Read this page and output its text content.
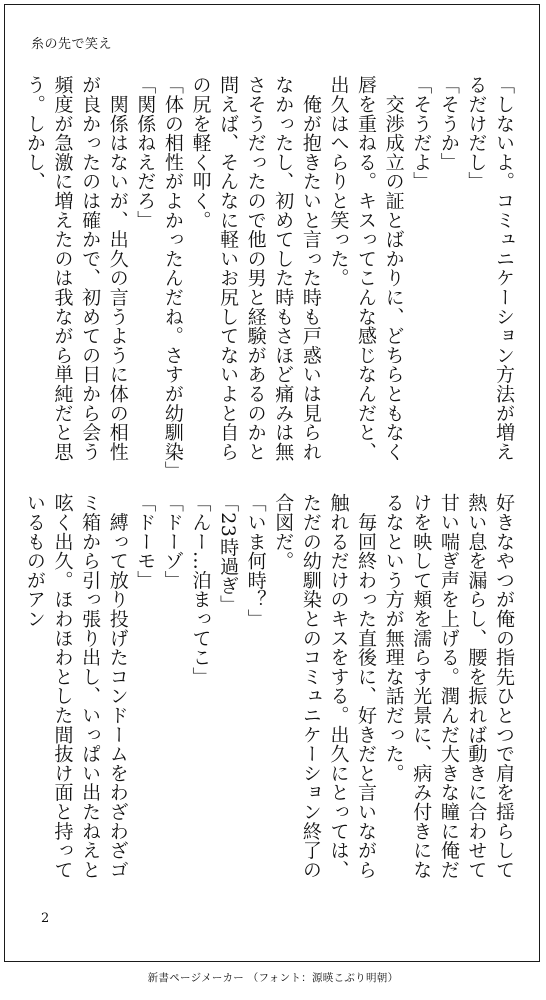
糸の先で笑え

「しないよ。コミュニケーション方法が増えるだけだし」

「そうか」

「そうだよ」

　交渉成立の証とばかりに、どちらともなく唇を重ねる。キスってこんな感じなんだと、出久はへらりと笑った。

　俺が抱きたいと言った時も戸惑いは見られなかったし、初めてした時もさほど痛みは無さそうだったので他の男と経験があるのかと問えば、そんなに軽いお尻してないよと自らの尻を軽く叩く。

「体の相性がよかったんだね。さすが幼馴染」

「関係ねえだろ」

　関係はないが、出久の言うように体の相性が良かったのは確かで、初めての日から会う頻度が急激に増えたのは我ながら単純だと思う。しかし、

好きなやつが俺の指先ひとつで肩を揺らして熱い息を漏らし、腰を振れば動きに合わせて甘い喘ぎ声を上げる。潤んだ大きな瞳に俺だけを映して頬を濡らす光景に、病み付きになるなという方が無理な話だった。

　毎回終わった直後に、好きだと言いながら触れるだけのキスをする。出久にとっては、ただの幼馴染とのコミュニケーション終了の合図だ。

「いま何時？」

「23時過ぎ」

「んー…泊まってこ」

「ドーゾ」

「ドーモ」

　縛って放り投げたコンドームをわざわざゴミ箱から引っ張り出し、いっぱい出たねえと呟く出久。ほわほわとした間抜け面と持っているものがアン

2
新書ページメーカー （フォント：源暎こぶり明朝）
